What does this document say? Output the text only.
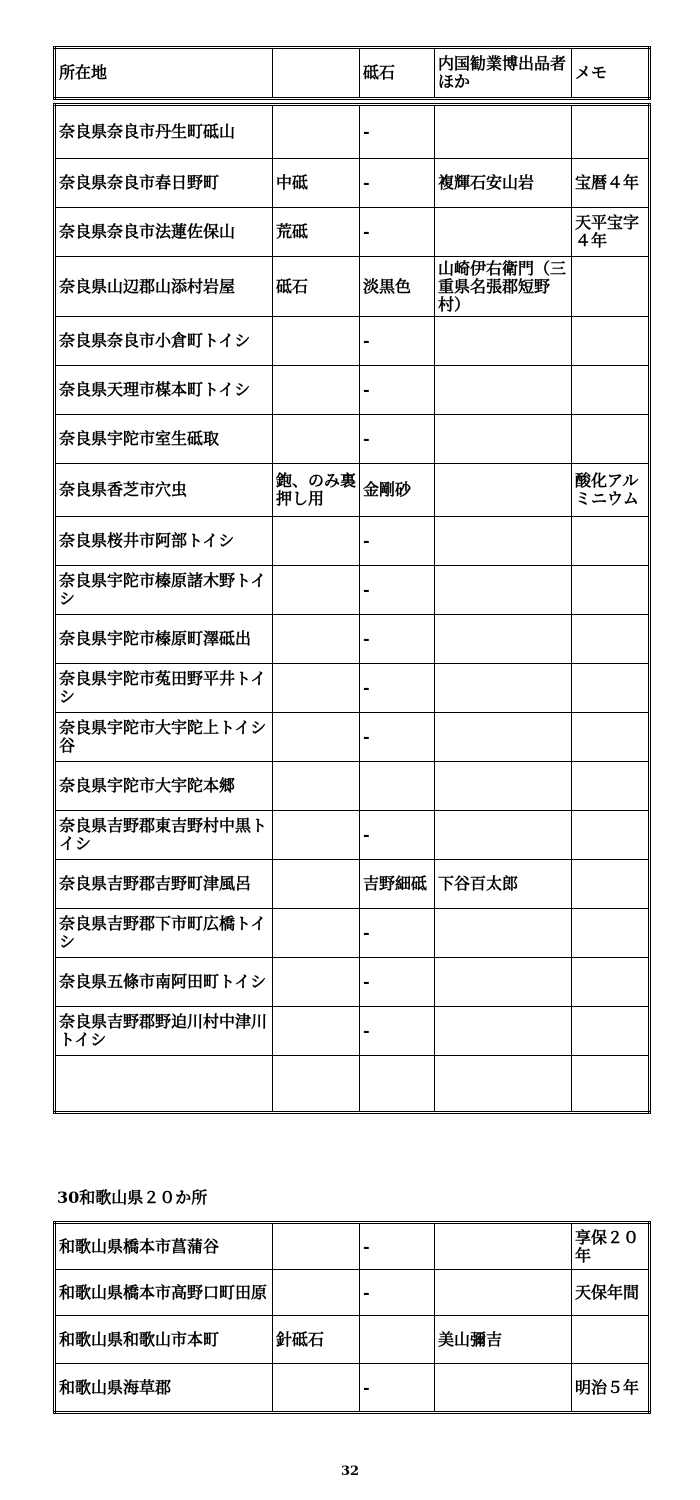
所在地		砥石	内国勧業博出品者ほか	メモ
奈良県奈良市丹生町砥山		-		
奈良県奈良市春日野町	中砥	-	複輝石安山岩	宝暦４年
奈良県奈良市法蓮佐保山	荒砥	-		天平宝字４年
奈良県山辺郡山添村岩屋	砥石	淡黒色	山崎伊右衛門（三重県名張郡短野村）	
奈良県奈良市小倉町トイシ		-		
奈良県天理市楳本町トイシ		-		
奈良県宇陀市室生砥取		-		
奈良県香芝市穴虫	鉋、のみ裏押し用	金剛砂		酸化アルミニウム
奈良県桜井市阿部トイシ		-		
奈良県宇陀市榛原諸木野トイシ		-		
奈良県宇陀市榛原町澤砥出		-		
奈良県宇陀市菟田野平井トイシ		-		
奈良県宇陀市大宇陀上トイシ谷		-		
奈良県宇陀市大宇陀本郷				
奈良県吉野郡東吉野村中黒トイシ		-		
奈良県吉野郡吉野町津風呂		吉野細砥	下谷百太郎	
奈良県吉野郡下市町広橋トイシ		-		
奈良県五條市南阿田町トイシ		-		
奈良県吉野郡野迫川村中津川トイシ		-		

30和歌山県２０か所
和歌山県橋本市菖蒲谷		-		享保２０年
和歌山県橋本市高野口町田原		-		天保年間
和歌山県和歌山市本町	針砥石		美山彌吉	
和歌山県海草郡		-		明治５年
32
